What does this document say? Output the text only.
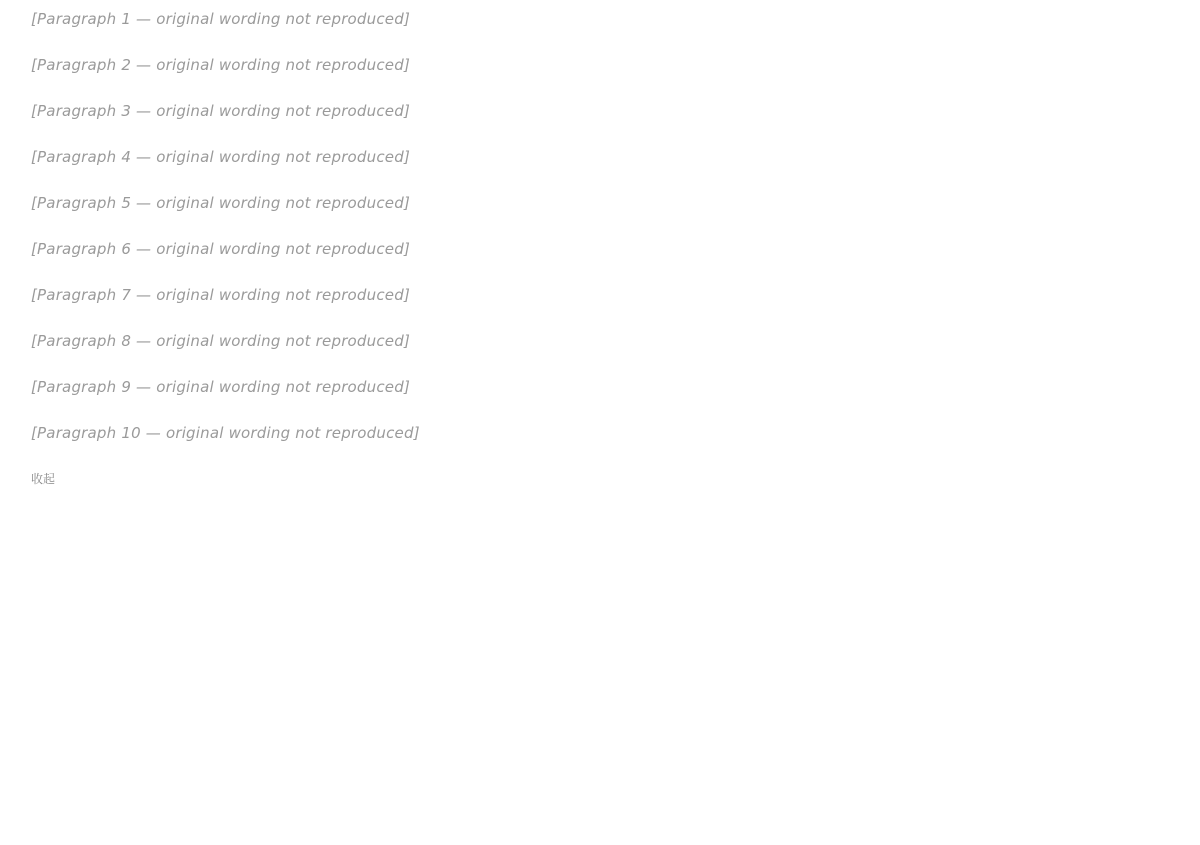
[Paragraph 1 — original wording not reproduced]

[Paragraph 2 — original wording not reproduced]

[Paragraph 3 — original wording not reproduced]

[Paragraph 4 — original wording not reproduced]

[Paragraph 5 — original wording not reproduced]

[Paragraph 6 — original wording not reproduced]

[Paragraph 7 — original wording not reproduced]

[Paragraph 8 — original wording not reproduced]

[Paragraph 9 — original wording not reproduced]

[Paragraph 10 — original wording not reproduced]

收起
